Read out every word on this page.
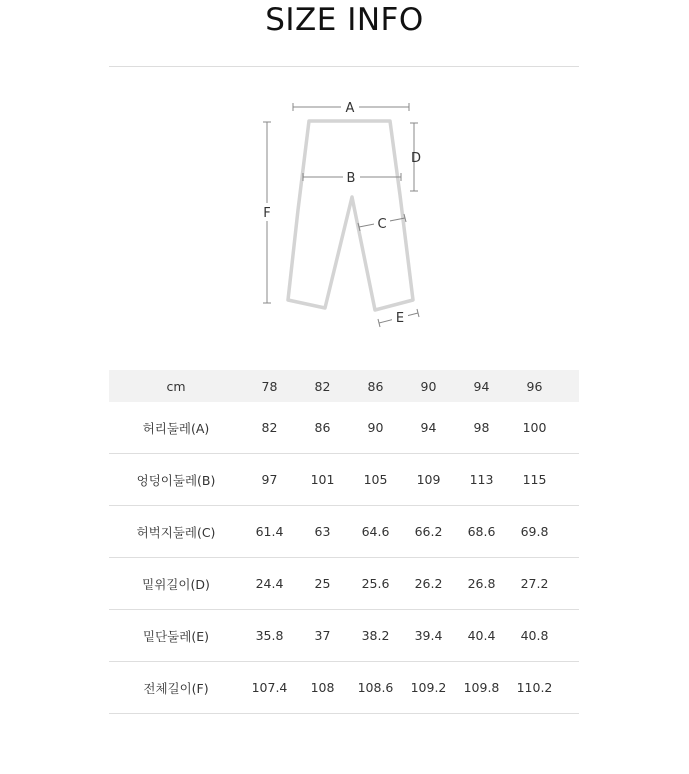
SIZE INFO
A
D
B
C
F
E
cm	78	82	86	90	94	96	
허리둘레(A)	82	86	90	94	98	100	
엉덩이둘레(B)	97	101	105	109	113	115	
허벅지둘레(C)	61.4	63	64.6	66.2	68.6	69.8	
밑위길이(D)	24.4	25	25.6	26.2	26.8	27.2	
밑단둘레(E)	35.8	37	38.2	39.4	40.4	40.8	
전체길이(F)	107.4	108	108.6	109.2	109.8	110.2	
